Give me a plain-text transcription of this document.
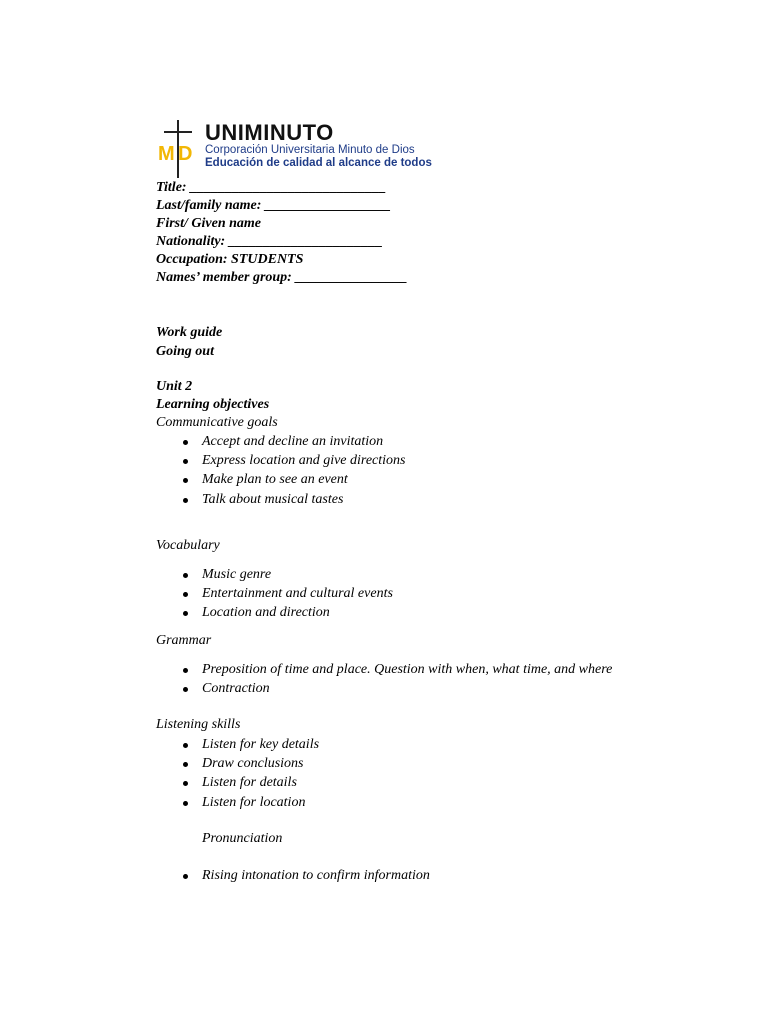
M D
UNIMINUTO
Corporación Universitaria Minuto de Dios
Educación de calidad al alcance de todos
Title: ____________________________
Last/family name: __________________
First/ Given name
Nationality: ______________________
Occupation: STUDENTS
Names’ member group: ________________
Work guide
Going out
Unit 2
Learning objectives
Communicative goals
Accept and decline an invitation
Express location and give directions
Make plan to see an event
Talk about musical tastes
Vocabulary
Music genre
Entertainment and cultural events
Location and direction
Grammar
Preposition of time and place. Question with when, what time, and where
Contraction
Listening skills
Listen for key details
Draw conclusions
Listen for details
Listen for location
Pronunciation
Rising intonation to confirm information
